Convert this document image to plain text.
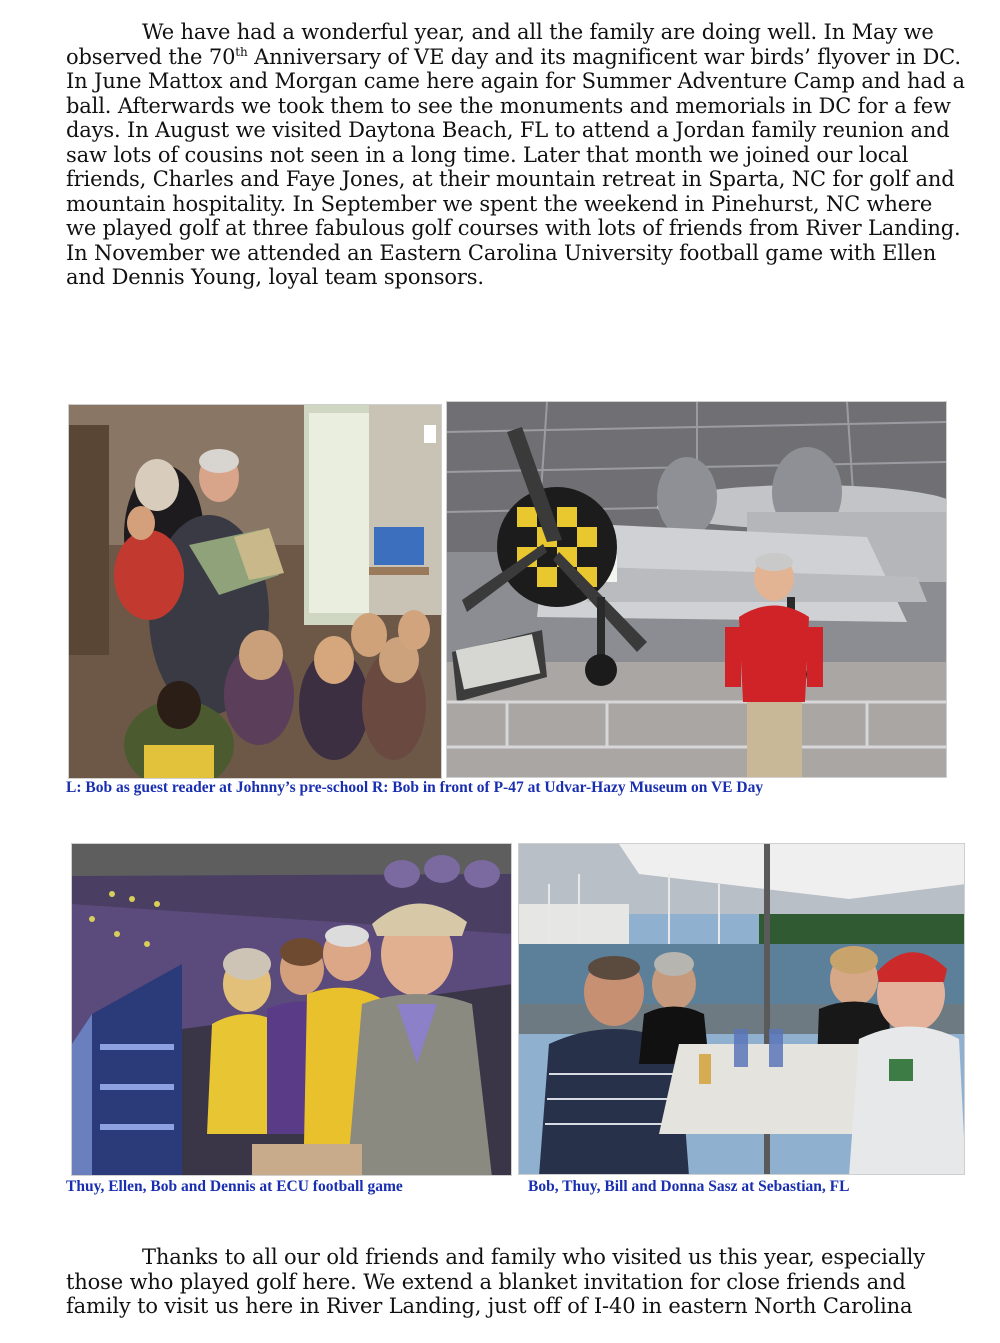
We have had a wonderful year, and all the family are doing well. In May we observed the 70th Anniversary of VE day and its magnificent war birds’ flyover in DC. In June Mattox and Morgan came here again for Summer Adventure Camp and had a ball. Afterwards we took them to see the monuments and memorials in DC for a few days. In August we visited Daytona Beach, FL to attend a Jordan family reunion and saw lots of cousins not seen in a long time. Later that month we joined our local friends, Charles and Faye Jones, at their mountain retreat in Sparta, NC for golf and mountain hospitality. In September we spent the weekend in Pinehurst, NC where we played golf at three fabulous golf courses with lots of friends from River Landing. In November we attended an Eastern Carolina University football game with Ellen and Dennis Young, loyal team sponsors.

L: Bob as guest reader at Johnny’s pre-school R: Bob in front of P-47 at Udvar-Hazy Museum on VE Day

Thuy, Ellen, Bob and Dennis at ECU football game	Bob, Thuy, Bill and Donna Sasz at Sebastian, FL

Thanks to all our old friends and family who visited us this year, especially those who played golf here. We extend a blanket invitation for close friends and family to visit us here in River Landing, just off of I-40 in eastern North Carolina
